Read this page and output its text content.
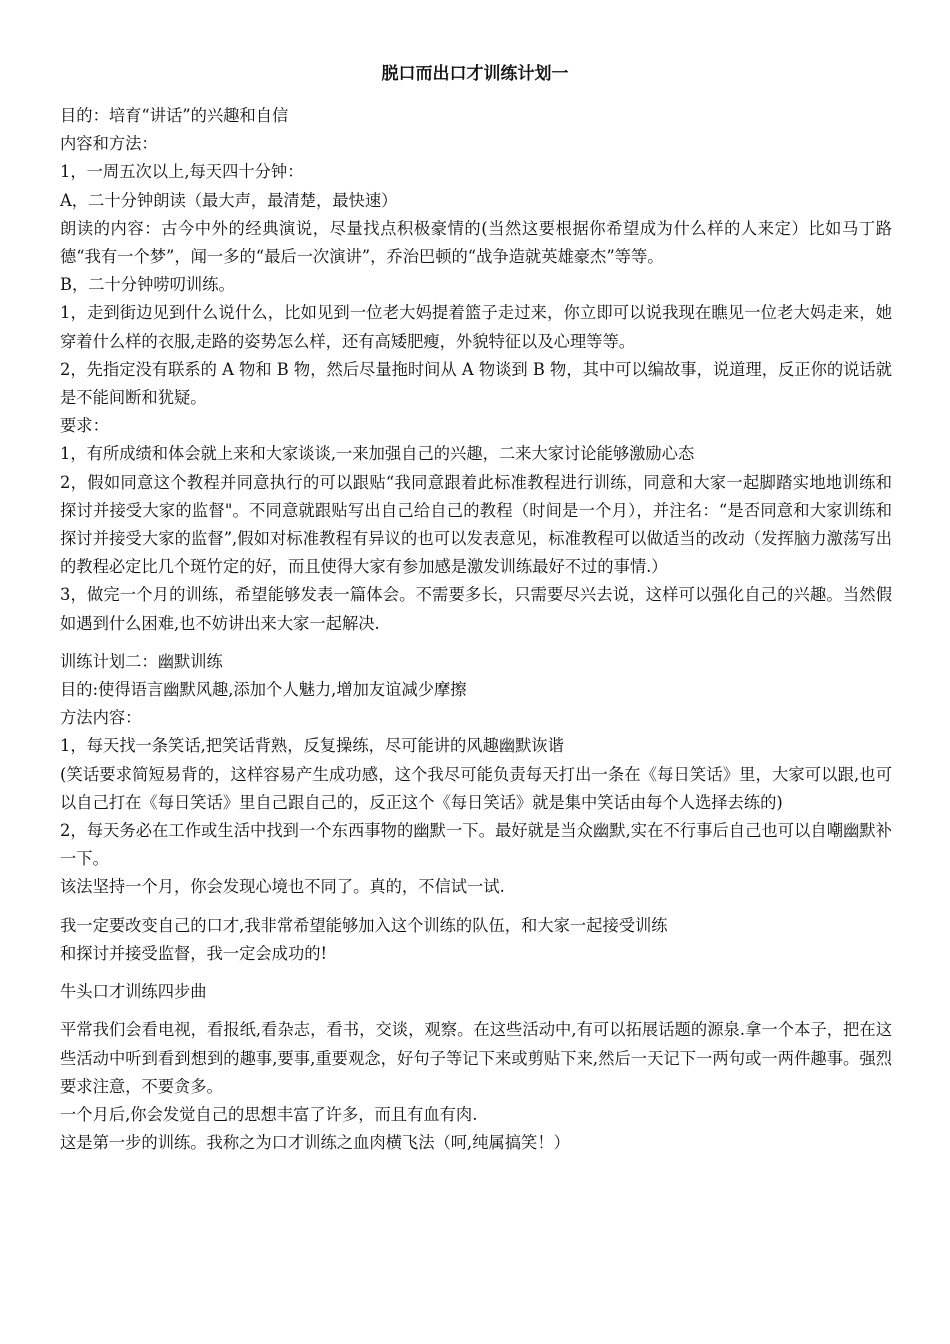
脱口而出口才训练计划一

目的：培育“讲话”的兴趣和自信

内容和方法：

1，一周五次以上,每天四十分钟：

A，二十分钟朗读（最大声，最清楚，最快速）

朗读的内容：古今中外的经典演说，尽量找点积极豪情的(当然这要根据你希望成为什么样的人来定）比如马丁路德“我有一个梦”，闻一多的“最后一次演讲”，乔治巴顿的“战争造就英雄豪杰”等等。

B，二十分钟唠叨训练。

1，走到街边见到什么说什么，比如见到一位老大妈提着篮子走过来，你立即可以说我现在瞧见一位老大妈走来，她穿着什么样的衣服,走路的姿势怎么样，还有高矮肥瘦，外貌特征以及心理等等。

2，先指定没有联系的 A 物和 B 物，然后尽量拖时间从 A 物谈到 B 物，其中可以编故事，说道理，反正你的说话就是不能间断和犹疑。

要求：

1，有所成绩和体会就上来和大家谈谈,一来加强自己的兴趣，二来大家讨论能够激励心态

2，假如同意这个教程并同意执行的可以跟贴“我同意跟着此标准教程进行训练，同意和大家一起脚踏实地地训练和探讨并接受大家的监督"。不同意就跟贴写出自己给自己的教程（时间是一个月），并注名：“是否同意和大家训练和探讨并接受大家的监督”,假如对标准教程有异议的也可以发表意见，标准教程可以做适当的改动（发挥脑力激荡写出的教程必定比几个斑竹定的好，而且使得大家有参加感是激发训练最好不过的事情.）

3，做完一个月的训练，希望能够发表一篇体会。不需要多长，只需要尽兴去说，这样可以强化自己的兴趣。当然假如遇到什么困难,也不妨讲出来大家一起解决.

训练计划二：幽默训练

目的:使得语言幽默风趣,添加个人魅力,增加友谊减少摩擦

方法内容：

1，每天找一条笑话,把笑话背熟，反复操练，尽可能讲的风趣幽默诙谐

(笑话要求简短易背的，这样容易产生成功感，这个我尽可能负责每天打出一条在《每日笑话》里，大家可以跟,也可以自己打在《每日笑话》里自己跟自己的，反正这个《每日笑话》就是集中笑话由每个人选择去练的)

2，每天务必在工作或生活中找到一个东西事物的幽默一下。最好就是当众幽默,实在不行事后自己也可以自嘲幽默补一下。

该法坚持一个月，你会发现心境也不同了。真的，不信试一试.

我一定要改变自己的口才,我非常希望能够加入这个训练的队伍，和大家一起接受训练

和探讨并接受监督，我一定会成功的!

牛头口才训练四步曲

平常我们会看电视，看报纸,看杂志，看书，交谈，观察。在这些活动中,有可以拓展话题的源泉.拿一个本子，把在这些活动中听到看到想到的趣事,要事,重要观念，好句子等记下来或剪贴下来,然后一天记下一两句或一两件趣事。强烈要求注意，不要贪多。

一个月后,你会发觉自己的思想丰富了许多，而且有血有肉.

这是第一步的训练。我称之为口才训练之血肉横飞法（呵,纯属搞笑！）
